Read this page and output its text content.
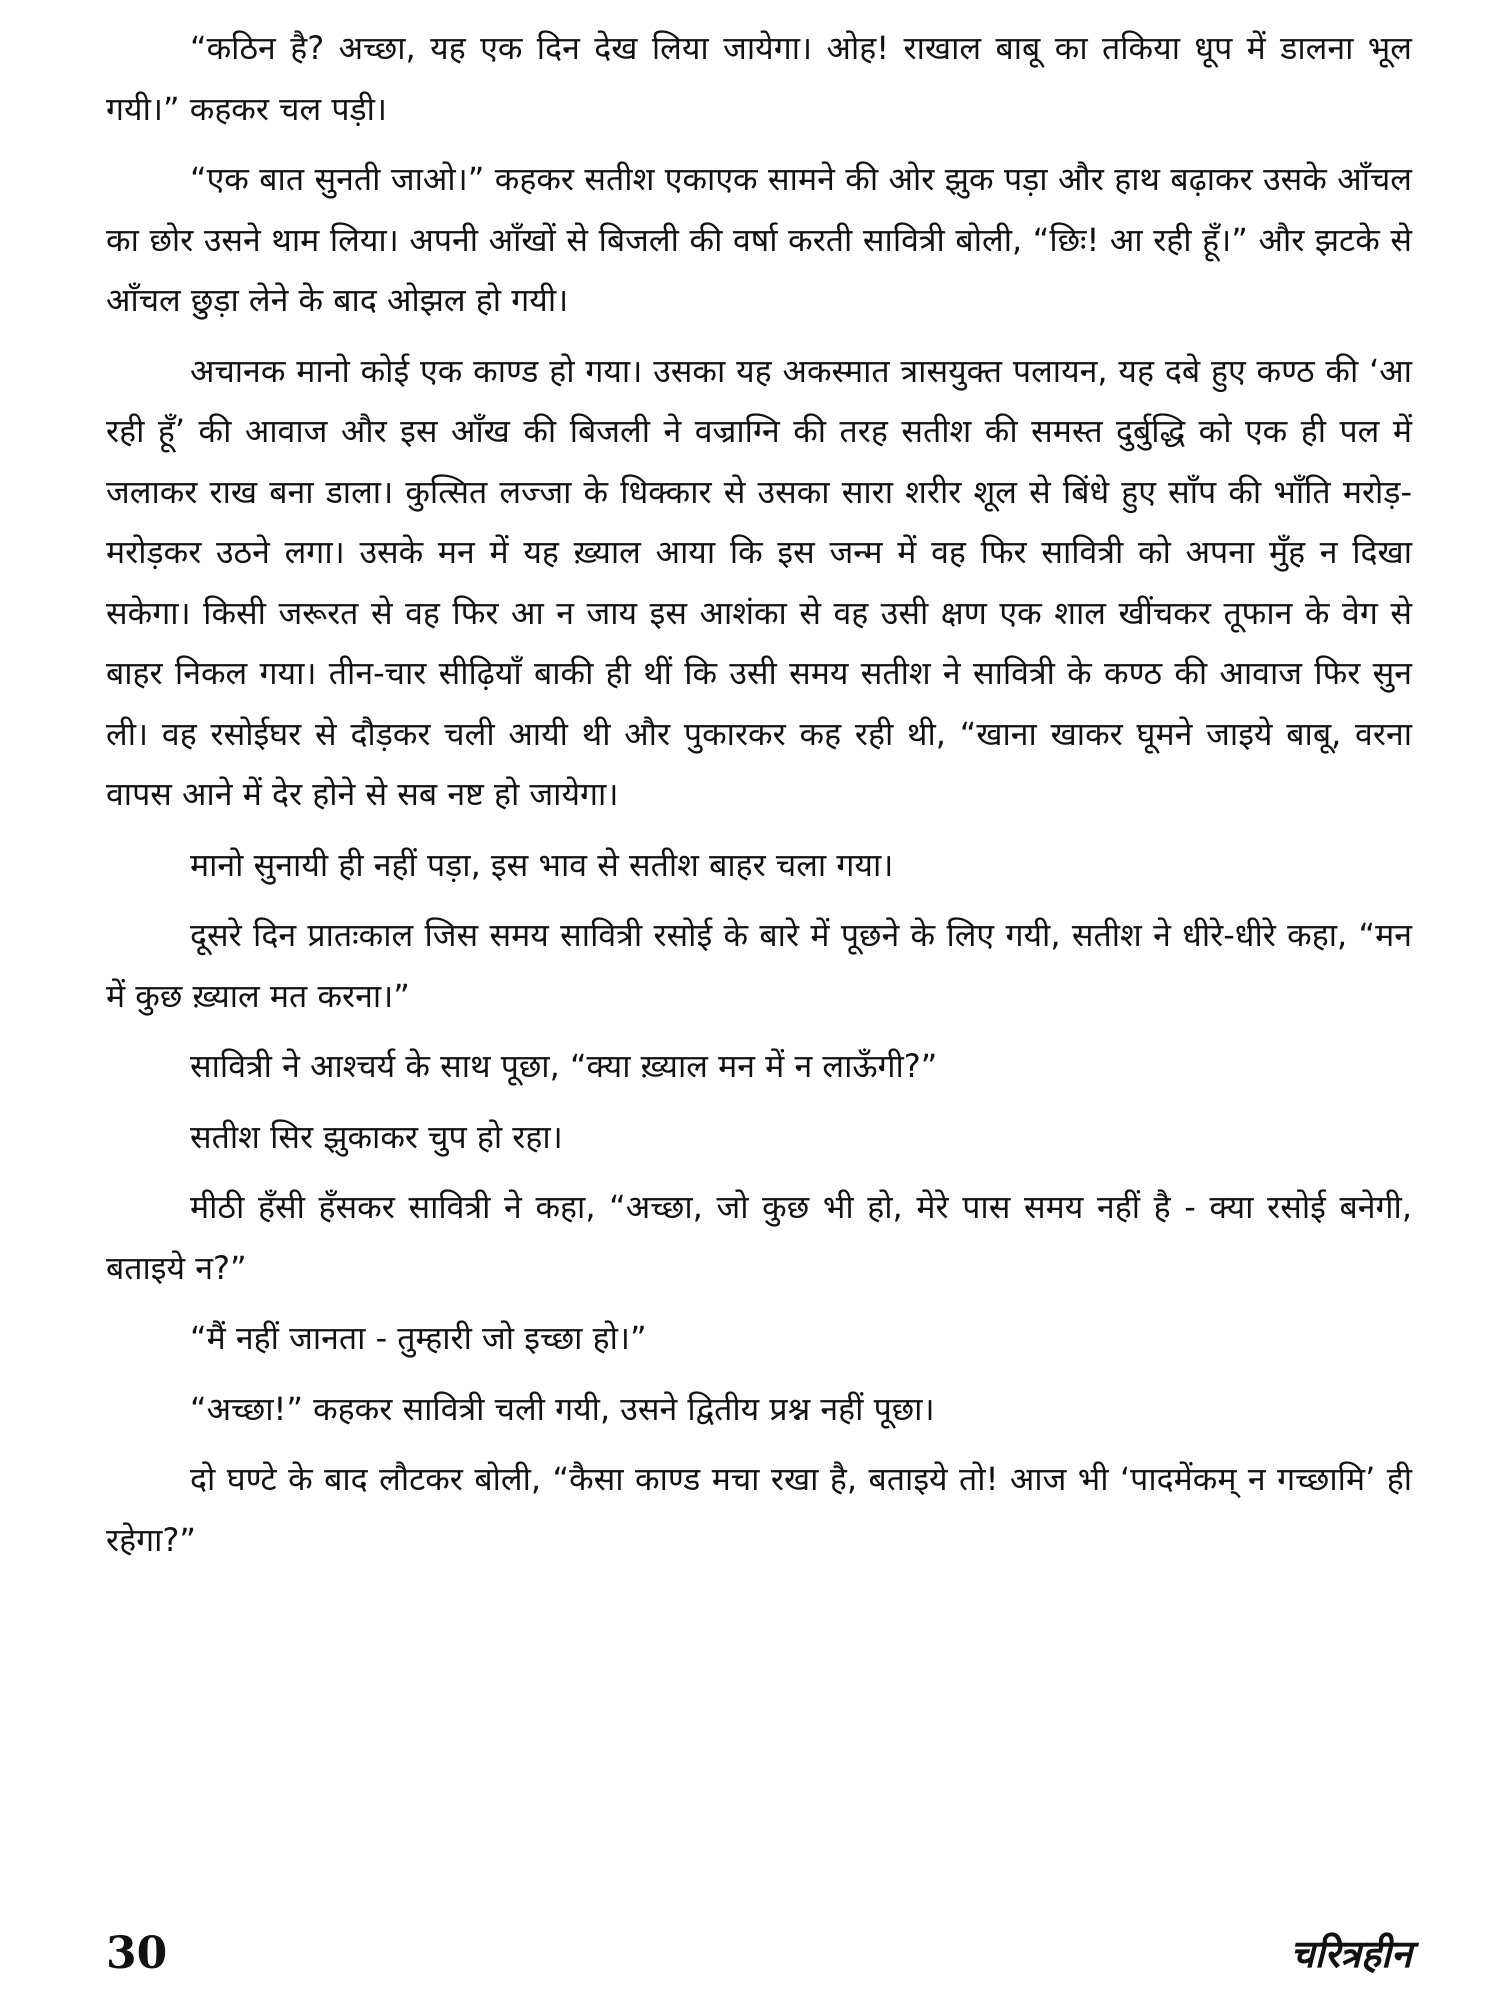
“कठिन है? अच्छा, यह एक दिन देख लिया जायेगा। ओह! राखाल बाबू का तकिया धूप में डालना भूल गयी।” कहकर चल पड़ी।

“एक बात सुनती जाओ।” कहकर सतीश एकाएक सामने की ओर झुक पड़ा और हाथ बढ़ाकर उसके आँचल का छोर उसने थाम लिया। अपनी आँखों से बिजली की वर्षा करती सावित्री बोली, “छिः! आ रही हूँ।” और झटके से आँचल छुड़ा लेने के बाद ओझल हो गयी।

अचानक मानो कोई एक काण्ड हो गया। उसका यह अकस्मात त्रासयुक्त पलायन, यह दबे हुए कण्ठ की ‘आ रही हूँ’ की आवाज और इस आँख की बिजली ने वज्राग्नि की तरह सतीश की समस्त दुर्बुद्धि को एक ही पल में जलाकर राख बना डाला। कुत्सित लज्जा के धिक्कार से उसका सारा शरीर शूल से बिंधे हुए साँप की भाँति मरोड़-मरोड़कर उठने लगा। उसके मन में यह ख़्याल आया कि इस जन्म में वह फिर सावित्री को अपना मुँह न दिखा सकेगा। किसी जरूरत से वह फिर आ न जाय इस आशंका से वह उसी क्षण एक शाल खींचकर तूफान के वेग से बाहर निकल गया। तीन-चार सीढ़ियाँ बाकी ही थीं कि उसी समय सतीश ने सावित्री के कण्ठ की आवाज फिर सुन ली। वह रसोईघर से दौड़कर चली आयी थी और पुकारकर कह रही थी, “खाना खाकर घूमने जाइये बाबू, वरना वापस आने में देर होने से सब नष्ट हो जायेगा।

मानो सुनायी ही नहीं पड़ा, इस भाव से सतीश बाहर चला गया।

दूसरे दिन प्रातःकाल जिस समय सावित्री रसोई के बारे में पूछने के लिए गयी, सतीश ने धीरे-धीरे कहा, “मन में कुछ ख़्याल मत करना।”

सावित्री ने आश्चर्य के साथ पूछा, “क्या ख़्याल मन में न लाऊँगी?”

सतीश सिर झुकाकर चुप हो रहा।

मीठी हँसी हँसकर सावित्री ने कहा, “अच्छा, जो कुछ भी हो, मेरे पास समय नहीं है - क्या रसोई बनेगी, बताइये न?”

“मैं नहीं जानता - तुम्हारी जो इच्छा हो।”

“अच्छा!” कहकर सावित्री चली गयी, उसने द्वितीय प्रश्न नहीं पूछा।

दो घण्टे के बाद लौटकर बोली, “कैसा काण्ड मचा रखा है, बताइये तो! आज भी ‘पादमेंकम् न गच्छामि’ ही रहेगा?”

30	चरित्रहीन
